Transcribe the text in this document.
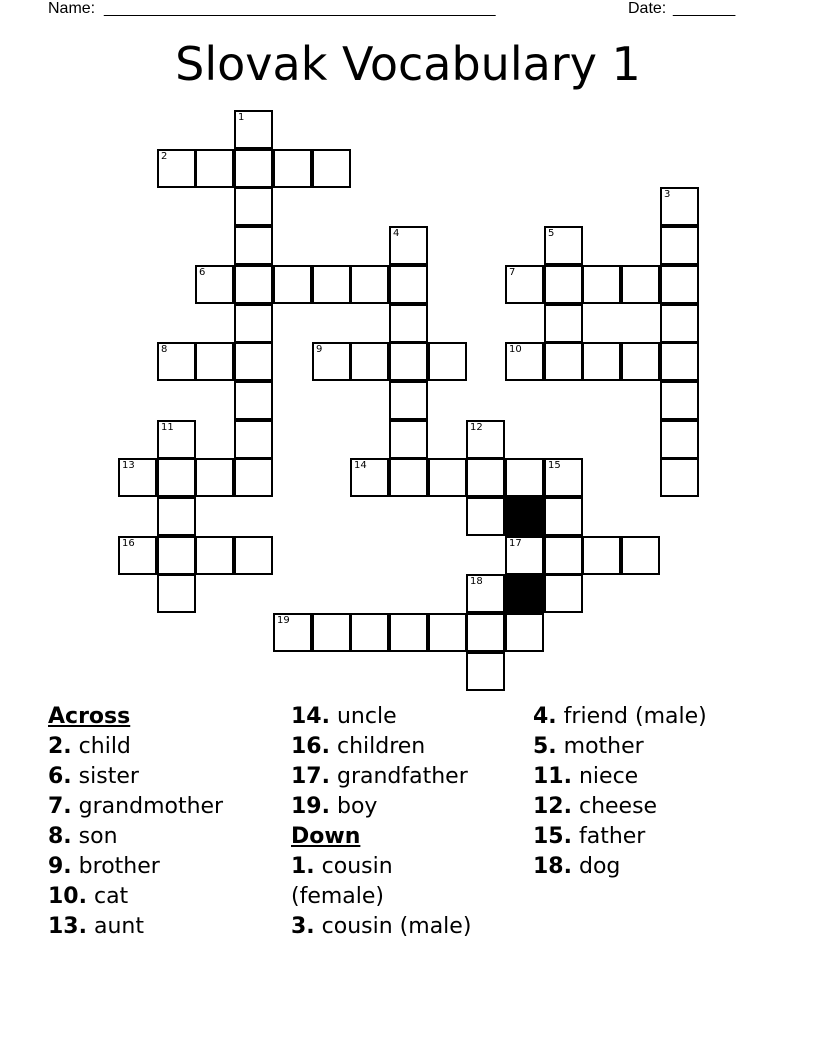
Name: ____________________________________________	Date: _______
Slovak Vocabulary 1
1
2
3
4	5
6	7
8	9	10
11	12
13	14	15
16	17
18
19
Across
2. child
6. sister
7. grandmother
8. son
9. brother
10. cat
13. aunt
14. uncle
16. children
17. grandfather
19. boy
Down
1. cousin (female)
3. cousin (male)
4. friend (male)
5. mother
11. niece
12. cheese
15. father
18. dog
